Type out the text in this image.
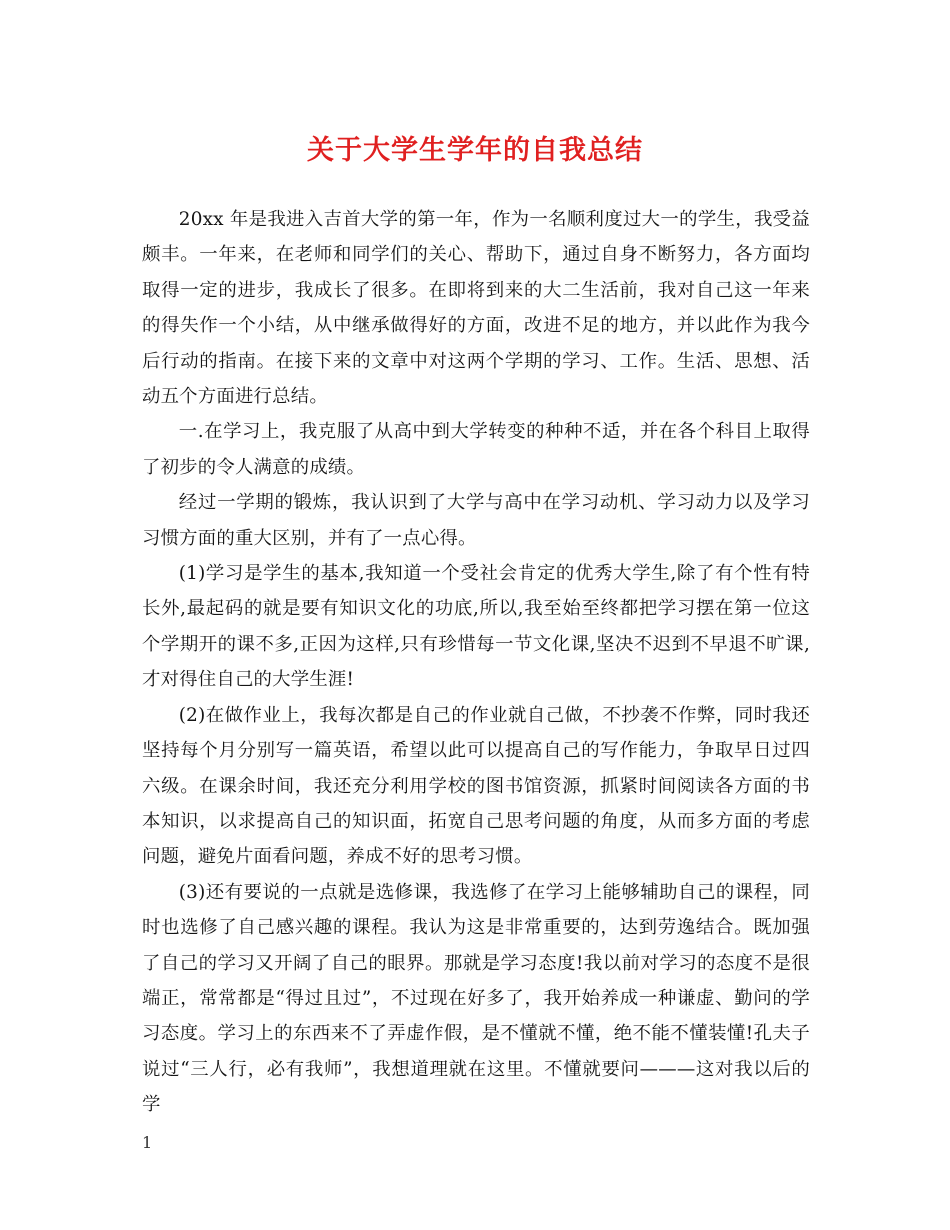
关于大学生学年的自我总结

20xx 年是我进入吉首大学的第一年，作为一名顺利度过大一的学生，我受益颇丰。一年来，在老师和同学们的关心、帮助下，通过自身不断努力，各方面均取得一定的进步，我成长了很多。在即将到来的大二生活前，我对自己这一年来的得失作一个小结，从中继承做得好的方面，改进不足的地方，并以此作为我今后行动的指南。在接下来的文章中对这两个学期的学习、工作。生活、思想、活动五个方面进行总结。

一.在学习上，我克服了从高中到大学转变的种种不适，并在各个科目上取得了初步的令人满意的成绩。

经过一学期的锻炼，我认识到了大学与高中在学习动机、学习动力以及学习习惯方面的重大区别，并有了一点心得。

(1)学习是学生的基本,我知道一个受社会肯定的优秀大学生,除了有个性有特长外,最起码的就是要有知识文化的功底,所以,我至始至终都把学习摆在第一位这个学期开的课不多,正因为这样,只有珍惜每一节文化课,坚决不迟到不早退不旷课,才对得住自己的大学生涯!

(2)在做作业上，我每次都是自己的作业就自己做，不抄袭不作弊，同时我还坚持每个月分别写一篇英语，希望以此可以提高自己的写作能力，争取早日过四六级。在课余时间，我还充分利用学校的图书馆资源，抓紧时间阅读各方面的书本知识，以求提高自己的知识面，拓宽自己思考问题的角度，从而多方面的考虑问题，避免片面看问题，养成不好的思考习惯。

(3)还有要说的一点就是选修课，我选修了在学习上能够辅助自己的课程，同时也选修了自己感兴趣的课程。我认为这是非常重要的，达到劳逸结合。既加强了自己的学习又开阔了自己的眼界。那就是学习态度!我以前对学习的态度不是很端正，常常都是“得过且过”，不过现在好多了，我开始养成一种谦虚、勤问的学习态度。学习上的东西来不了弄虚作假，是不懂就不懂，绝不能不懂装懂!孔夫子说过“三人行，必有我师”，我想道理就在这里。不懂就要问———这对我以后的学

1
